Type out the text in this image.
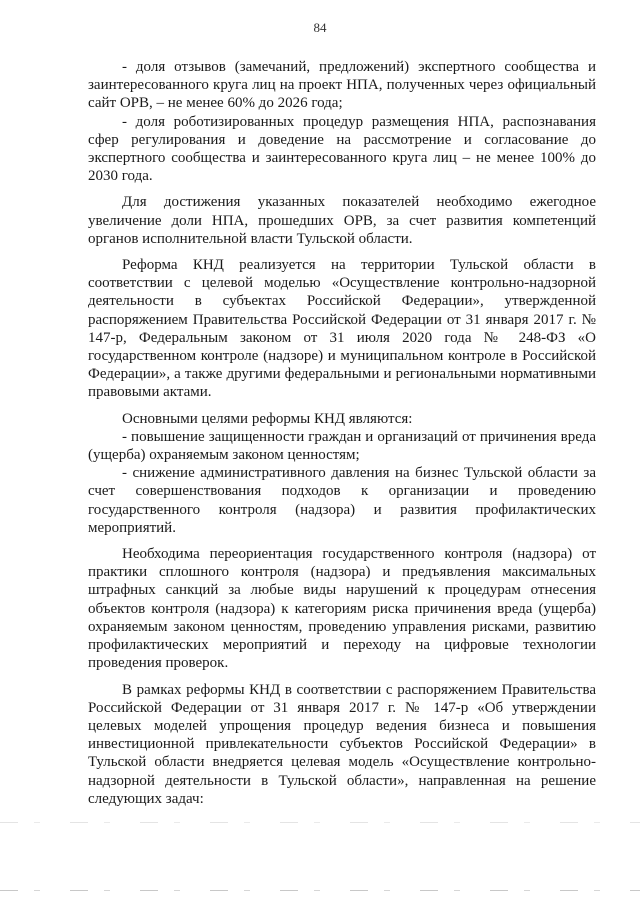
84

- доля отзывов (замечаний, предложений) экспертного сообщества и заинтересованного круга лиц на проект НПА, полученных через официальный сайт ОРВ, – не менее 60% до 2026 года;

- доля роботизированных процедур размещения НПА, распознавания сфер регулирования и доведение на рассмотрение и согласование до экспертного сообщества и заинтересованного круга лиц – не менее 100% до 2030 года.

Для достижения указанных показателей необходимо ежегодное увеличение доли НПА, прошедших ОРВ, за счет развития компетенций органов исполнительной власти Тульской области.

Реформа КНД реализуется на территории Тульской области в соответствии с целевой моделью «Осуществление контрольно-надзорной деятельности в субъектах Российской Федерации», утвержденной распоряжением Правительства Российской Федерации от 31 января 2017 г. № 147-р, Федеральным законом от 31 июля 2020 года № 248-ФЗ «О государственном контроле (надзоре) и муниципальном контроле в Российской Федерации», а также другими федеральными и региональными нормативными правовыми актами.

Основными целями реформы КНД являются:

- повышение защищенности граждан и организаций от причинения вреда (ущерба) охраняемым законом ценностям;

- снижение административного давления на бизнес Тульской области за счет совершенствования подходов к организации и проведению государственного контроля (надзора) и развития профилактических мероприятий.

Необходима переориентация государственного контроля (надзора) от практики сплошного контроля (надзора) и предъявления максимальных штрафных санкций за любые виды нарушений к процедурам отнесения объектов контроля (надзора) к категориям риска причинения вреда (ущерба) охраняемым законом ценностям, проведению управления рисками, развитию профилактических мероприятий и переходу на цифровые технологии проведения проверок.

В рамках реформы КНД в соответствии с распоряжением Правительства Российской Федерации от 31 января 2017 г. № 147-р «Об утверждении целевых моделей упрощения процедур ведения бизнеса и повышения инвестиционной привлекательности субъектов Российской Федерации» в Тульской области внедряется целевая модель «Осуществление контрольно-надзорной деятельности в Тульской области», направленная на решение следующих задач:
